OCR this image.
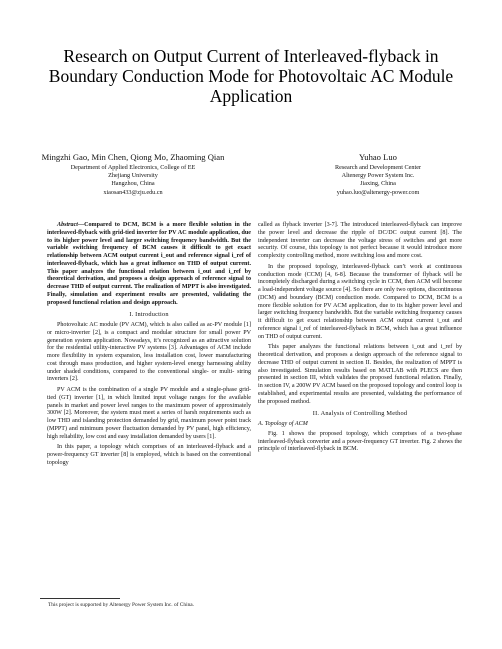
Research on Output Current of Interleaved-flyback in Boundary Conduction Mode for Photovoltaic AC Module Application
Mingzhi Gao, Min Chen, Qiong Mo, Zhaoming Qian
Department of Applied Electronics, College of EE
Zhejiang University
Hangzhou, China
xiaosan433@zju.edu.cn
Yuhao Luo
Research and Development Center
Altenergy Power System Inc.
Jiaxing, China
yuhao.luo@altenergy-power.com

Abstract—Compared to DCM, BCM is a more flexible solution in the interleaved-flyback with grid-tied inverter for PV AC module application, due to its higher power level and larger switching frequency bandwidth. But the variable switching frequency of BCM causes it difficult to get exact relationship between ACM output current i_out and reference signal i_ref of interleaved-flyback, which has a great influence on THD of output current. This paper analyzes the functional relation between i_out and i_ref by theoretical derivation, and proposes a design approach of reference signal to decrease THD of output current. The realization of MPPT is also investigated. Finally, simulation and experiment results are presented, validating the proposed functional relation and design approach.

I. Introduction

Photovoltaic AC module (PV ACM), which is also called as ac-PV module [1] or micro-inverter [2], is a compact and modular structure for small power PV generation system application. Nowadays, it’s recognized as an attractive solution for the residential utility-interactive PV systems [3]. Advantages of ACM include more flexibility in system expansion, less installation cost, lower manufacturing cost through mass production, and higher system-level energy harnessing ability under shaded conditions, compared to the conventional single- or multi- string inverters [2].

PV ACM is the combination of a single PV module and a single-phase grid-tied (GT) inverter [1], in which limited input voltage ranges for the available panels in market and power level ranges to the maximum power of approximately 300W [2]. Moreover, the system must meet a series of harsh requirements such as low THD and islanding protection demanded by grid, maximum power point track (MPPT) and minimum power fluctuation demanded by PV panel, high efficiency, high reliability, low cost and easy installation demanded by users [1].

In this paper, a topology which comprises of an interleaved-flyback and a power-frequency GT inverter [8] is employed, which is based on the conventional topology

called as flyback inverter [3-7]. The introduced interleaved-flyback can improve the power level and decrease the ripple of DC/DC output current [8]. The independent inverter can decrease the voltage stress of switches and get more security. Of course, this topology is not perfect because it would introduce more complexity controlling method, more switching loss and more cost.

In the proposed topology, interleaved-flyback can’t work at continuous conduction mode (CCM) [4, 6-8]. Because the transformer of flyback will be incompletely discharged during a switching cycle in CCM, then ACM will become a load-independent voltage source [4]. So there are only two options, discontinuous (DCM) and boundary (BCM) conduction mode. Compared to DCM, BCM is a more flexible solution for PV ACM application, due to its higher power level and larger switching frequency bandwidth. But the variable switching frequency causes it difficult to get exact relationship between ACM output current i_out and reference signal i_ref of interleaved-flyback in BCM, which has a great influence on THD of output current.

This paper analyzes the functional relations between i_out and i_ref by theoretical derivation, and proposes a design approach of the reference signal to decrease THD of output current in section II. Besides, the realization of MPPT is also investigated. Simulation results based on MATLAB with PLECS are then presented in section III, which validates the proposed functional relation. Finally, in section IV, a 200W PV ACM based on the proposed topology and control loop is established, and experimental results are presented, validating the performance of the proposed method.

II. Analysis of Controlling Method
A. Topology of ACM

Fig. 1 shows the proposed topology, which comprises of a two-phase interleaved-flyback converter and a power-frequency GT inverter. Fig. 2 shows the principle of interleaved-flyback in BCM.

This project is supported by Altenergy Power System Inc. of China.
